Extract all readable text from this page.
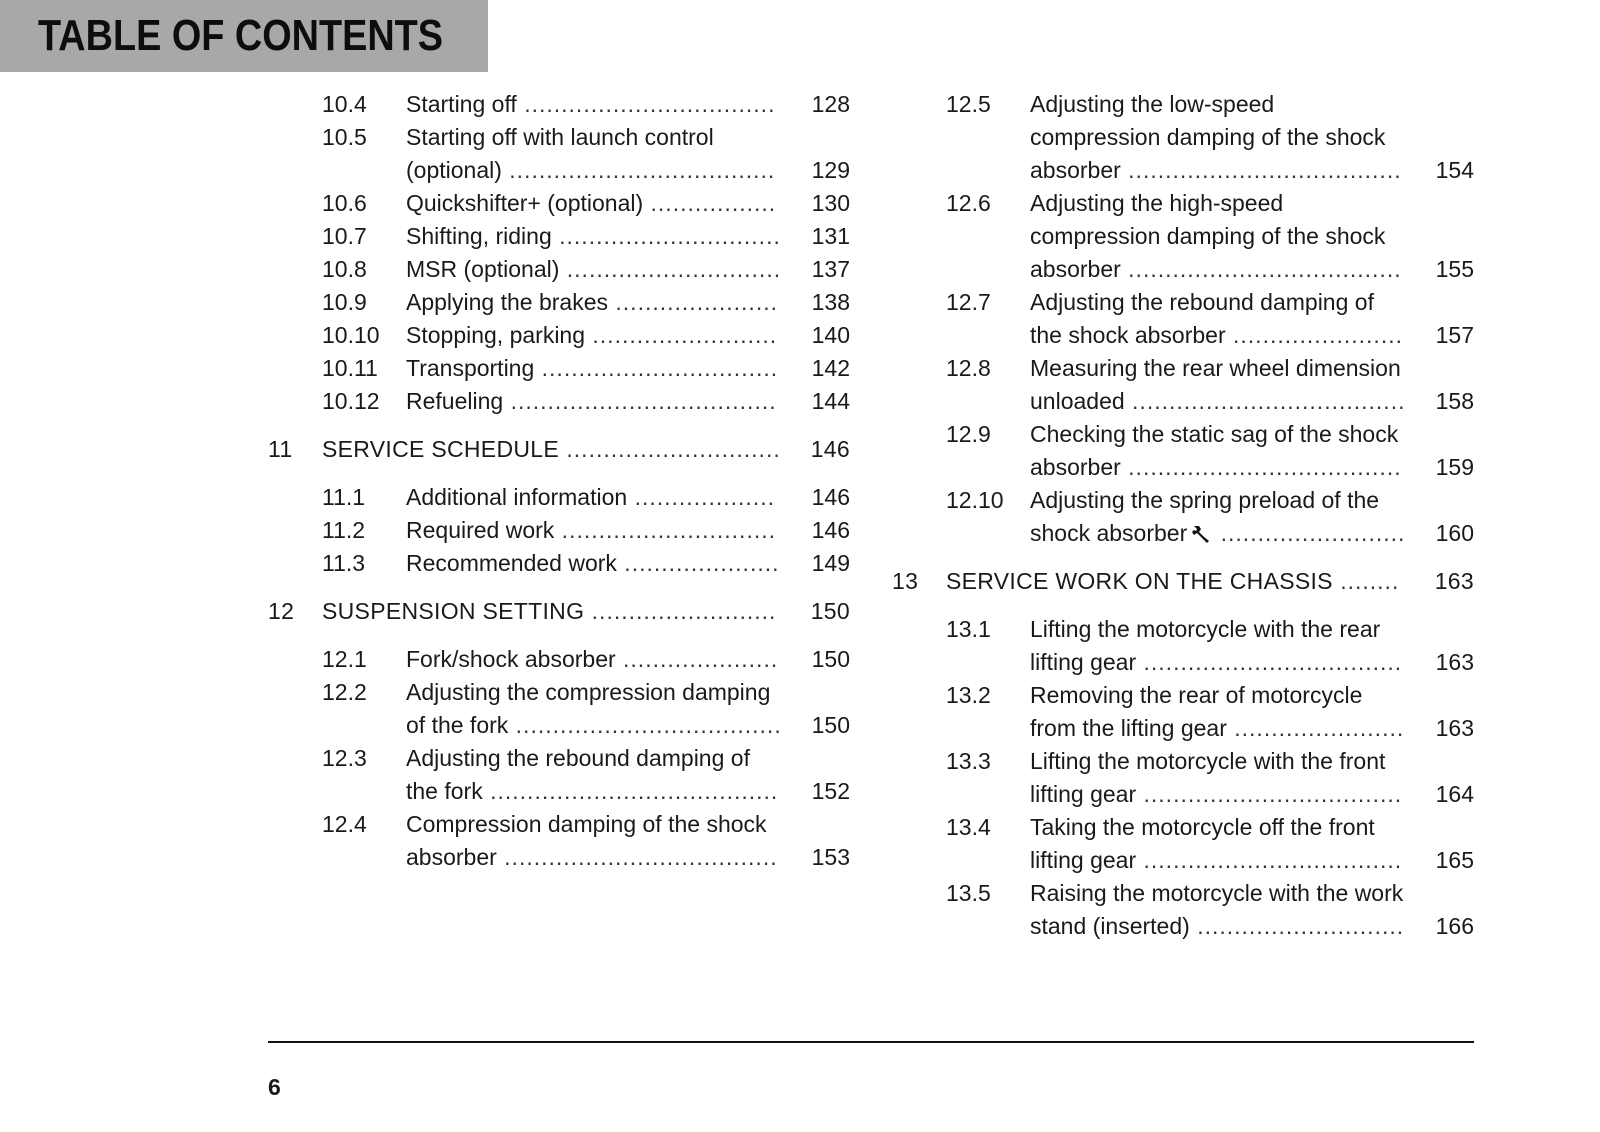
TABLE OF CONTENTS
10.4 Starting off ..................................	128
10.5 Starting off with launch control (optional) ....................................	129
10.6 Quickshifter+ (optional) .................	130
10.7 Shifting, riding ..............................	131
10.8 MSR (optional) .............................	137
10.9 Applying the brakes ......................	138
10.10 Stopping, parking .........................	140
10.11 Transporting ................................	142
10.12 Refueling ....................................	144
11 SERVICE SCHEDULE .............................	146
11.1 Additional information ...................	146
11.2 Required work .............................	146
11.3 Recommended work .....................	149
12 SUSPENSION SETTING .........................	150
12.1 Fork/shock absorber .....................	150
12.2 Adjusting the compression damping of the fork ....................................	150
12.3 Adjusting the rebound damping of the fork .......................................	152
12.4 Compression damping of the shock absorber .....................................	153
12.5 Adjusting the low-speed compression damping of the shock absorber .....................................	154
12.6 Adjusting the high-speed compression damping of the shock absorber .....................................	155
12.7 Adjusting the rebound damping of the shock absorber .......................	157
12.8 Measuring the rear wheel dimension unloaded .....................................	158
12.9 Checking the static sag of the shock absorber .....................................	159
12.10 Adjusting the spring preload of the shock absorber .........................	160
13 SERVICE WORK ON THE CHASSIS ........	163
13.1 Lifting the motorcycle with the rear lifting gear ...................................	163
13.2 Removing the rear of motorcycle from the lifting gear .......................	163
13.3 Lifting the motorcycle with the front lifting gear ...................................	164
13.4 Taking the motorcycle off the front lifting gear ...................................	165
13.5 Raising the motorcycle with the work stand (inserted) ............................	166
6
